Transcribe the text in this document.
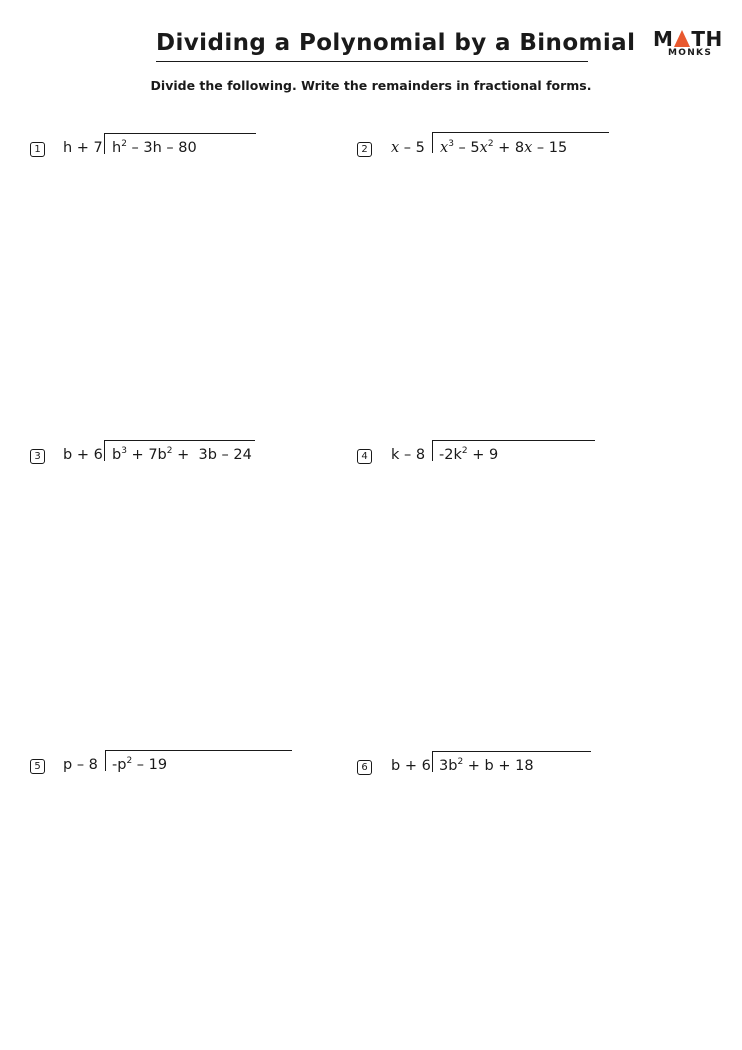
Dividing a Polynomial by a Binomial M TH
MONKS
Divide the following. Write the remainders in fractional forms.
1 h + 7 $h^2 - 3h - 80$	2 x – 5 $x^3 - 5x^2 + 8x - 15$
3 b + 6 $b^3 + 7b^2 + 3b - 24$	4 k – 8 $-2k^2 + 9$
5 p – 8 $-p^2 - 19$	6 b + 6 $3b^2 + b + 18$
